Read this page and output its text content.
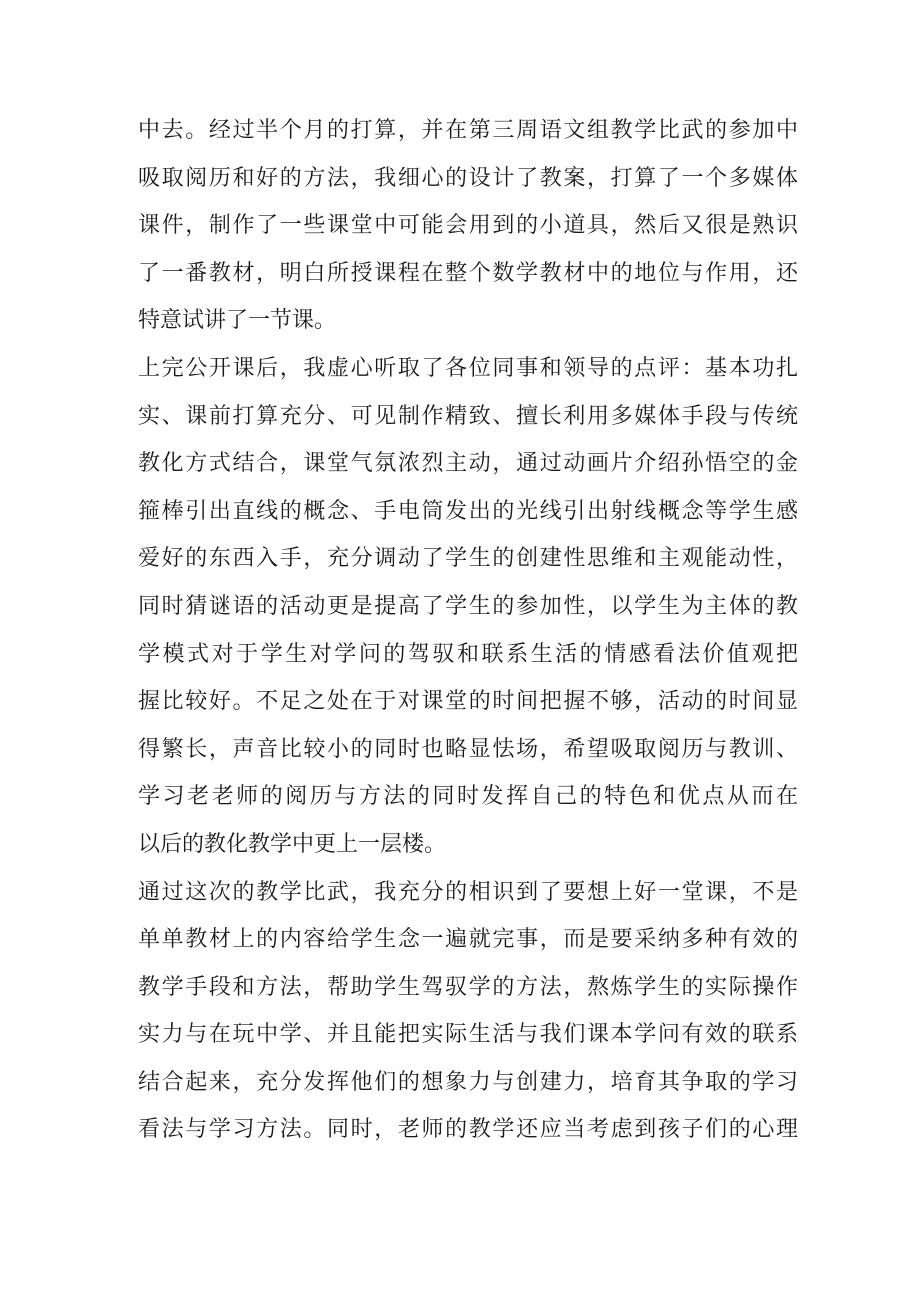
中去。经过半个月的打算，并在第三周语文组教学比武的参加中
吸取阅历和好的方法，我细心的设计了教案，打算了一个多媒体
课件，制作了一些课堂中可能会用到的小道具，然后又很是熟识
了一番教材，明白所授课程在整个数学教材中的地位与作用，还
特意试讲了一节课。
上完公开课后，我虚心听取了各位同事和领导的点评：基本功扎
实、课前打算充分、可见制作精致、擅长利用多媒体手段与传统
教化方式结合，课堂气氛浓烈主动，通过动画片介绍孙悟空的金
箍棒引出直线的概念、手电筒发出的光线引出射线概念等学生感
爱好的东西入手，充分调动了学生的创建性思维和主观能动性，
同时猜谜语的活动更是提高了学生的参加性，以学生为主体的教
学模式对于学生对学问的驾驭和联系生活的情感看法价值观把
握比较好。不足之处在于对课堂的时间把握不够，活动的时间显
得繁长，声音比较小的同时也略显怯场，希望吸取阅历与教训、
学习老老师的阅历与方法的同时发挥自己的特色和优点从而在
以后的教化教学中更上一层楼。
通过这次的教学比武，我充分的相识到了要想上好一堂课，不是
单单教材上的内容给学生念一遍就完事，而是要采纳多种有效的
教学手段和方法，帮助学生驾驭学的方法，熬炼学生的实际操作
实力与在玩中学、并且能把实际生活与我们课本学问有效的联系
结合起来，充分发挥他们的想象力与创建力，培育其争取的学习
看法与学习方法。同时，老师的教学还应当考虑到孩子们的心理
